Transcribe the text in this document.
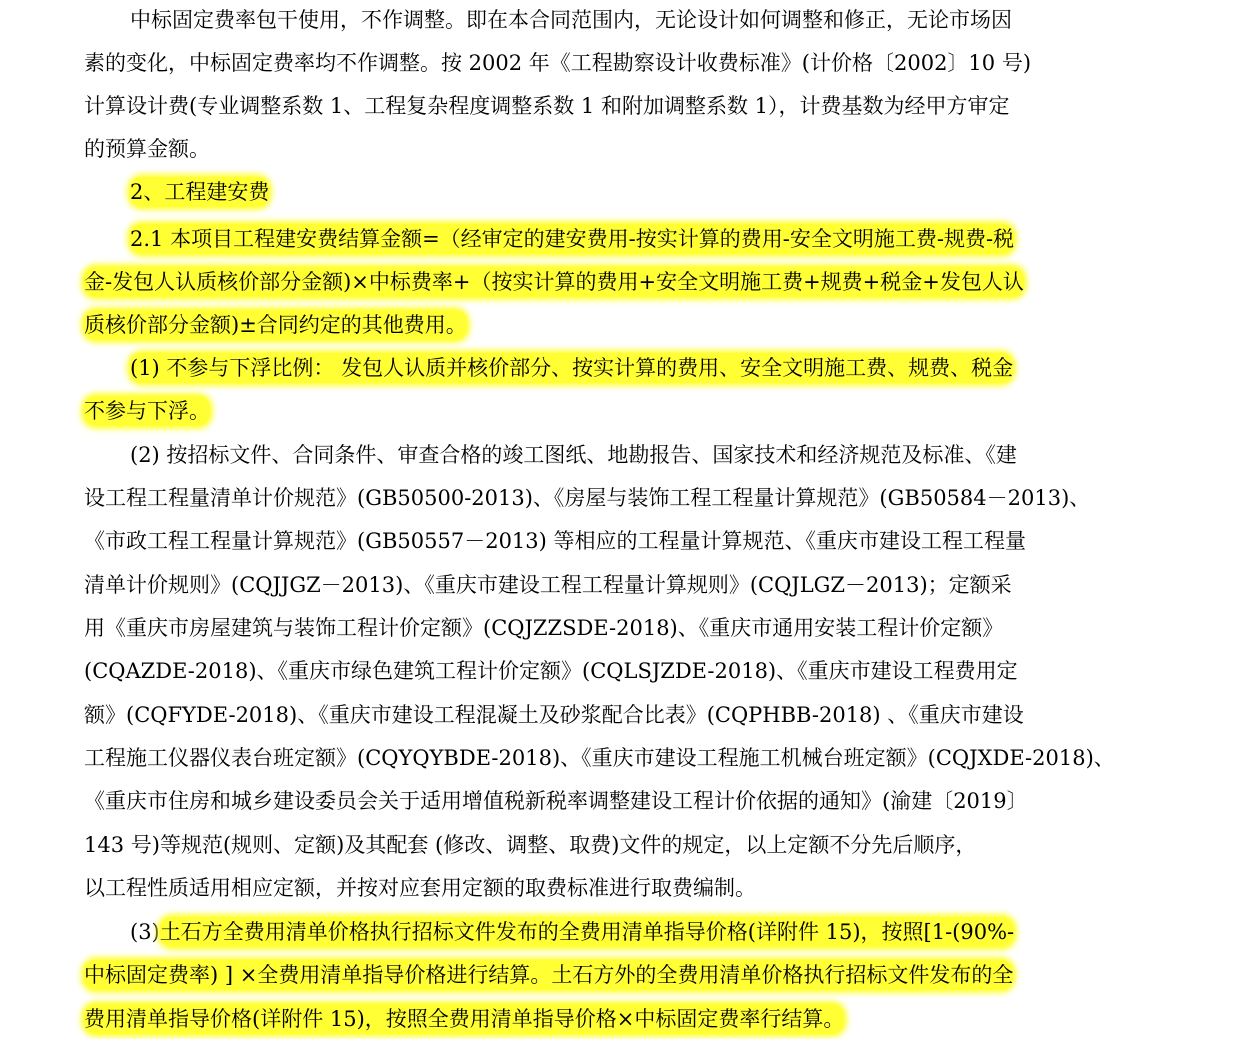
中标固定费率包干使用，不作调整。即在本合同范围内，无论设计如何调整和修正，无论市场因
素的变化，中标固定费率均不作调整。按 2002 年《工程勘察设计收费标准》(计价格〔2002〕10 号)
计算设计费(专业调整系数 1、工程复杂程度调整系数 1 和附加调整系数 1），计费基数为经甲方审定
的预算金额。
2、工程建安费
2.1 本项目工程建安费结算金额=（经审定的建安费用-按实计算的费用-安全文明施工费-规费-税
金-发包人认质核价部分金额)×中标费率+（按实计算的费用+安全文明施工费+规费+税金+发包人认
质核价部分金额)±合同约定的其他费用。
(1) 不参与下浮比例： 发包人认质并核价部分、按实计算的费用、安全文明施工费、规费、税金
不参与下浮。
(2) 按招标文件、合同条件、审查合格的竣工图纸、地勘报告、国家技术和经济规范及标准、《建
设工程工程量清单计价规范》(GB50500-2013)、《房屋与装饰工程工程量计算规范》(GB50584－2013)、
《市政工程工程量计算规范》(GB50557－2013) 等相应的工程量计算规范、《重庆市建设工程工程量
清单计价规则》(CQJJGZ－2013)、《重庆市建设工程工程量计算规则》(CQJLGZ－2013)；定额采
用《重庆市房屋建筑与装饰工程计价定额》(CQJZZSDE-2018)、《重庆市通用安装工程计价定额》
(CQAZDE-2018)、《重庆市绿色建筑工程计价定额》(CQLSJZDE-2018)、《重庆市建设工程费用定
额》(CQFYDE-2018)、《重庆市建设工程混凝土及砂浆配合比表》(CQPHBB-2018) 、《重庆市建设
工程施工仪器仪表台班定额》(CQYQYBDE-2018)、《重庆市建设工程施工机械台班定额》(CQJXDE-2018)、
《重庆市住房和城乡建设委员会关于适用增值税新税率调整建设工程计价依据的通知》(渝建〔2019〕
143 号)等规范(规则、定额)及其配套 (修改、调整、取费)文件的规定，以上定额不分先后顺序，
以工程性质适用相应定额，并按对应套用定额的取费标准进行取费编制。
(3) 土石方全费用清单价格执行招标文件发布的全费用清单指导价格(详附件 15)，按照[1-(90%-
中标固定费率) ] ×全费用清单指导价格进行结算。土石方外的全费用清单价格执行招标文件发布的全
费用清单指导价格(详附件 15)，按照全费用清单指导价格×中标固定费率行结算。
